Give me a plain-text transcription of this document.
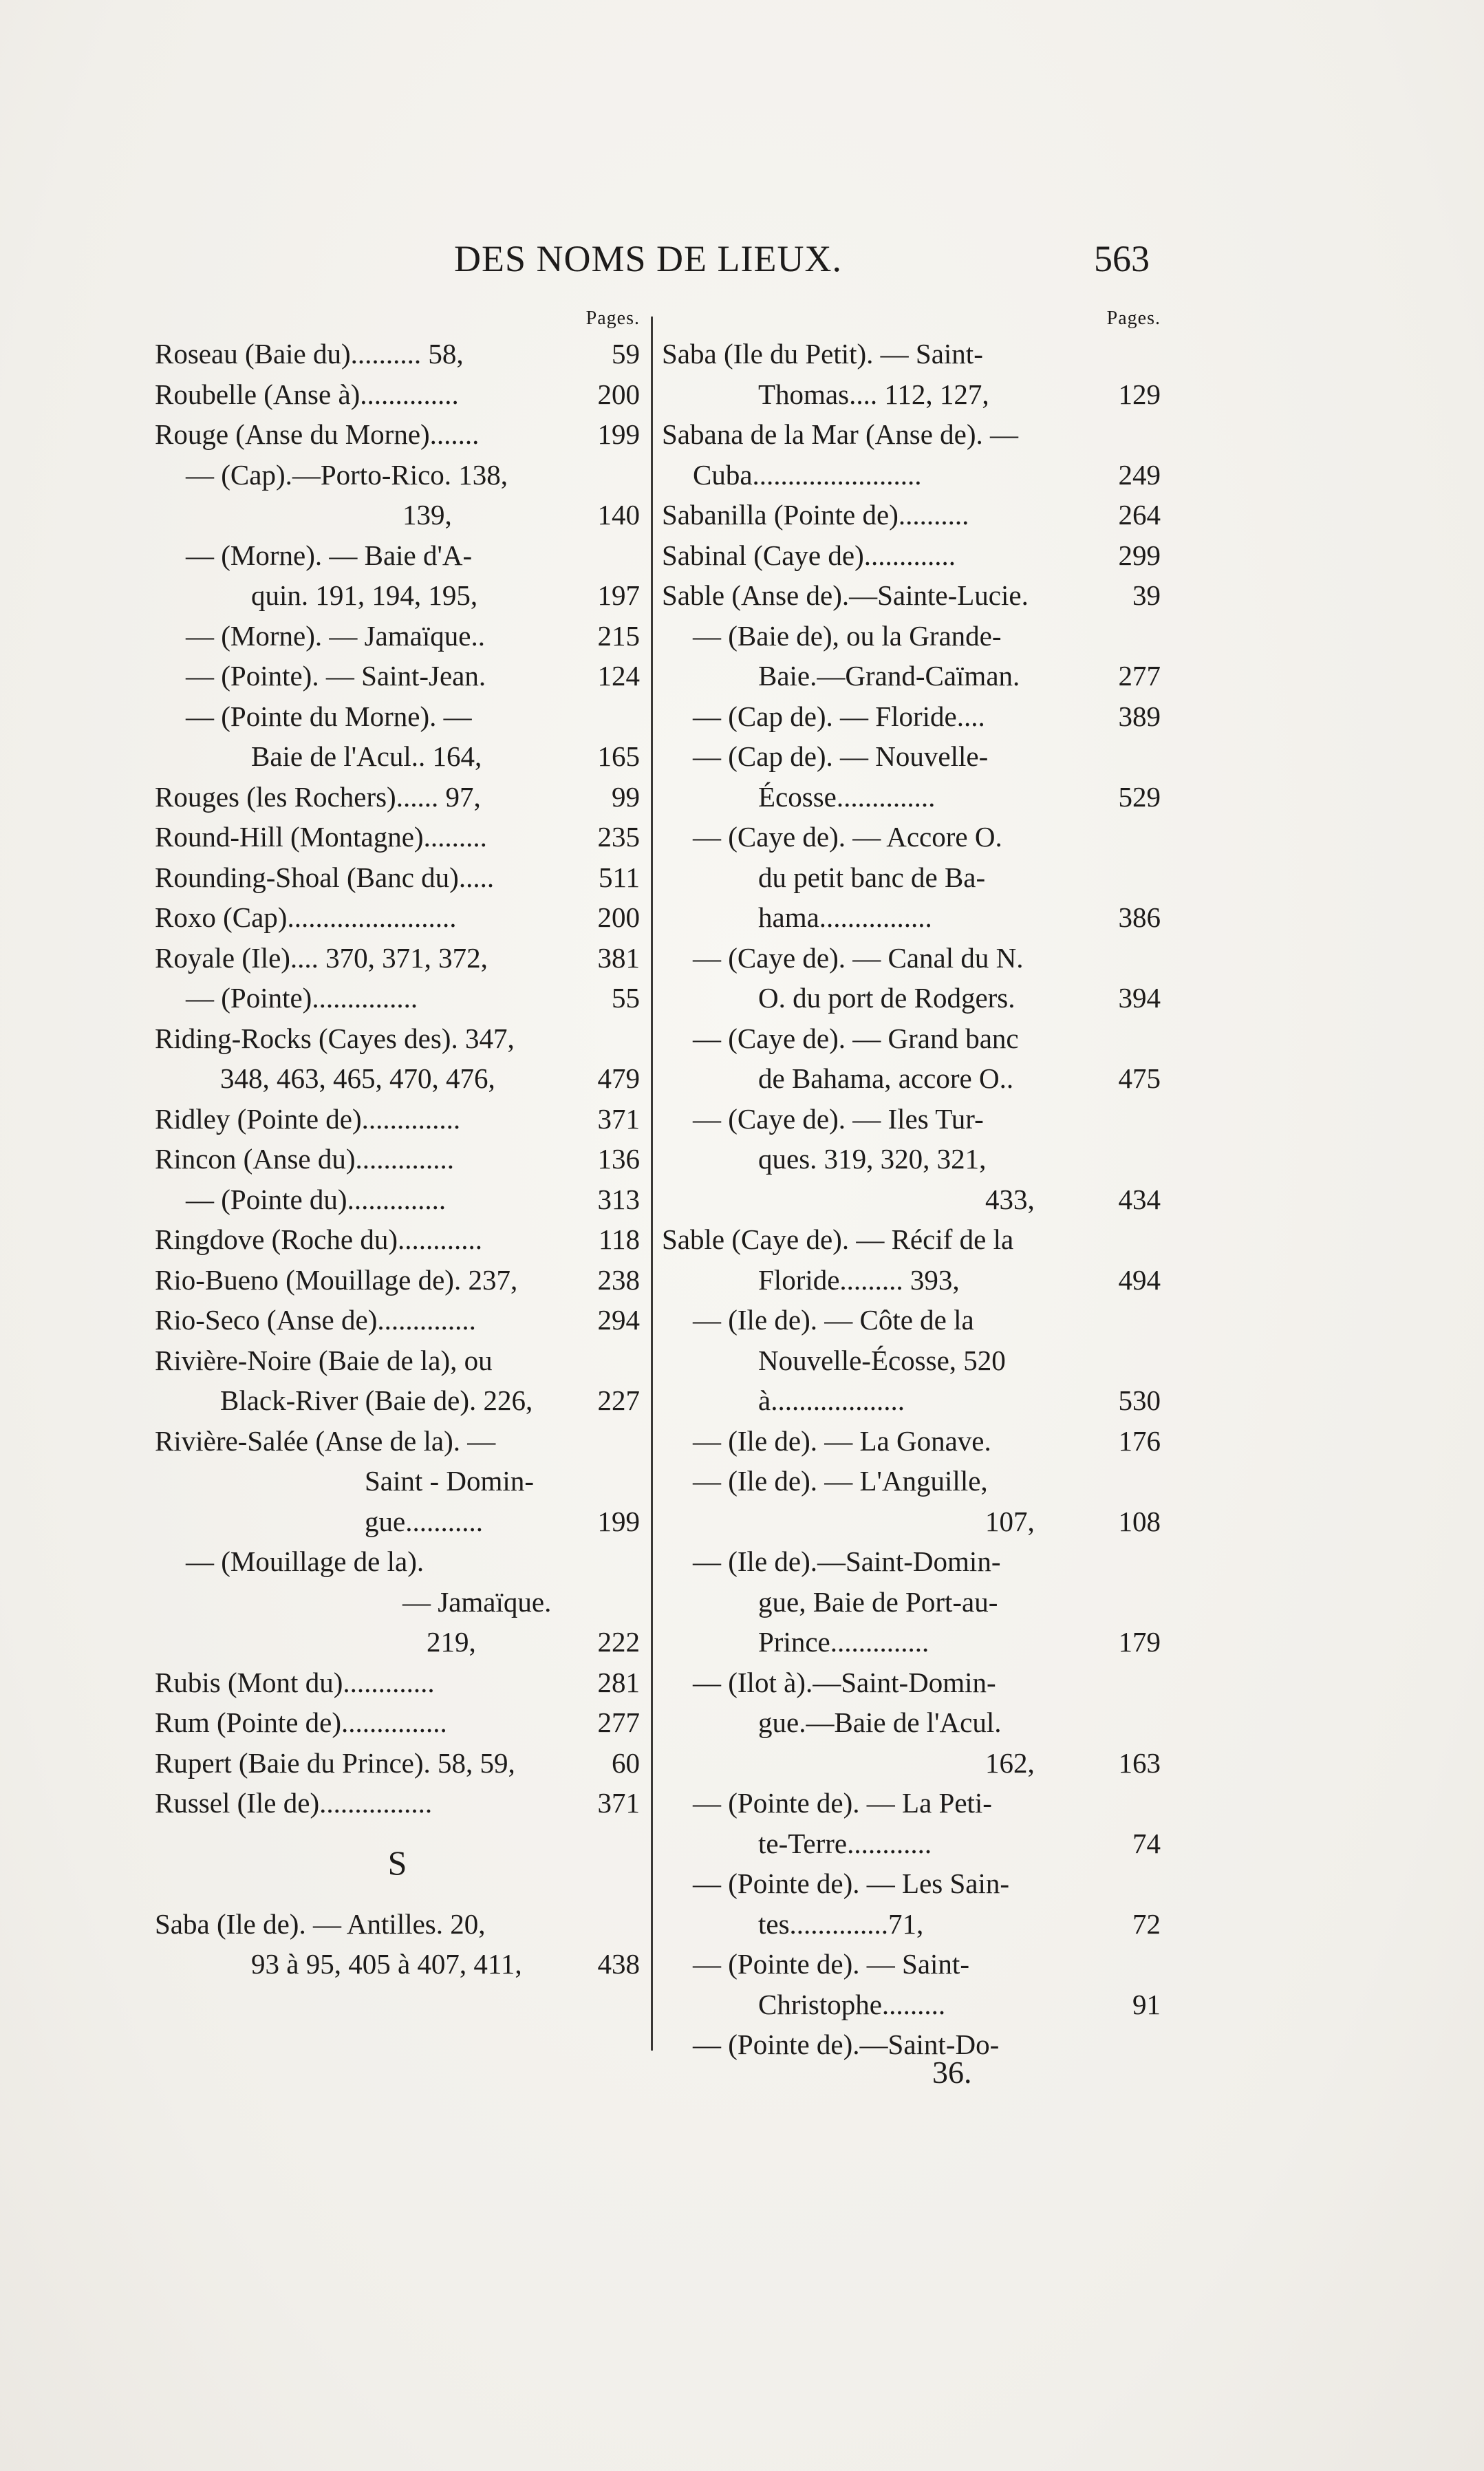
DES NOMS DE LIEUX.	563
Pages.
Roseau (Baie du).......... 58,	59
Roubelle (Anse à)..............	200
Rouge (Anse du Morne).......	199
— (Cap).—Porto-Rico. 138,
139,	140
— (Morne). — Baie d'A-
quin. 191, 194, 195,	197
— (Morne). — Jamaïque..	215
— (Pointe). — Saint-Jean.	124
— (Pointe du Morne). —
Baie de l'Acul.. 164,	165
Rouges (les Rochers)...... 97,	99
Round-Hill (Montagne).........	235
Rounding-Shoal (Banc du).....	511
Roxo (Cap)........................	200
Royale (Ile).... 370, 371, 372,	381
— (Pointe)...............	55
Riding-Rocks (Cayes des). 347,
348, 463, 465, 470, 476,	479
Ridley (Pointe de)..............	371
Rincon (Anse du)..............	136
— (Pointe du)..............	313
Ringdove (Roche du)............	118
Rio-Bueno (Mouillage de). 237,	238
Rio-Seco (Anse de)..............	294
Rivière-Noire (Baie de la), ou
Black-River (Baie de). 226, 227
Rivière-Salée (Anse de la). —
Saint - Domin-
gue...........	199
— (Mouillage de la).
— Jamaïque.
219,	222
Rubis (Mont du).............	281
Rum (Pointe de)...............	277
Rupert (Baie du Prince). 58, 59,	60
Russel (Ile de)................	371
S
Saba (Ile de). — Antilles. 20,
93 à 95, 405 à 407, 411,	438
Pages.
Saba (Ile du Petit). — Saint-
Thomas.... 112, 127,	129
Sabana de la Mar (Anse de). —
Cuba........................	249
Sabanilla (Pointe de)..........	264
Sabinal (Caye de).............	299
Sable (Anse de).—Sainte-Lucie.	39
— (Baie de), ou la Grande-
Baie.—Grand-Caïman.	277
— (Cap de). — Floride....	389
— (Cap de). — Nouvelle-
Écosse..............	529
— (Caye de). — Accore O.
du petit banc de Ba-
hama................	386
— (Caye de). — Canal du N.
O. du port de Rodgers.	394
— (Caye de). — Grand banc
de Bahama, accore O..	475
— (Caye de). — Iles Tur-
ques. 319, 320, 321,
433,	434
Sable (Caye de). — Récif de la
Floride......... 393,	494
— (Ile de). — Côte de la
Nouvelle-Écosse, 520
à...................	530
— (Ile de). — La Gonave.	176
— (Ile de). — L'Anguille,
107,	108
— (Ile de).—Saint-Domin-
gue, Baie de Port-au-
Prince..............	179
— (Ilot à).—Saint-Domin-
gue.—Baie de l'Acul.
162,	163
— (Pointe de). — La Peti-
te-Terre............	74
— (Pointe de). — Les Sain-
tes..............71,	72
— (Pointe de). — Saint-
Christophe.........	91
— (Pointe de).—Saint-Do-
36.
